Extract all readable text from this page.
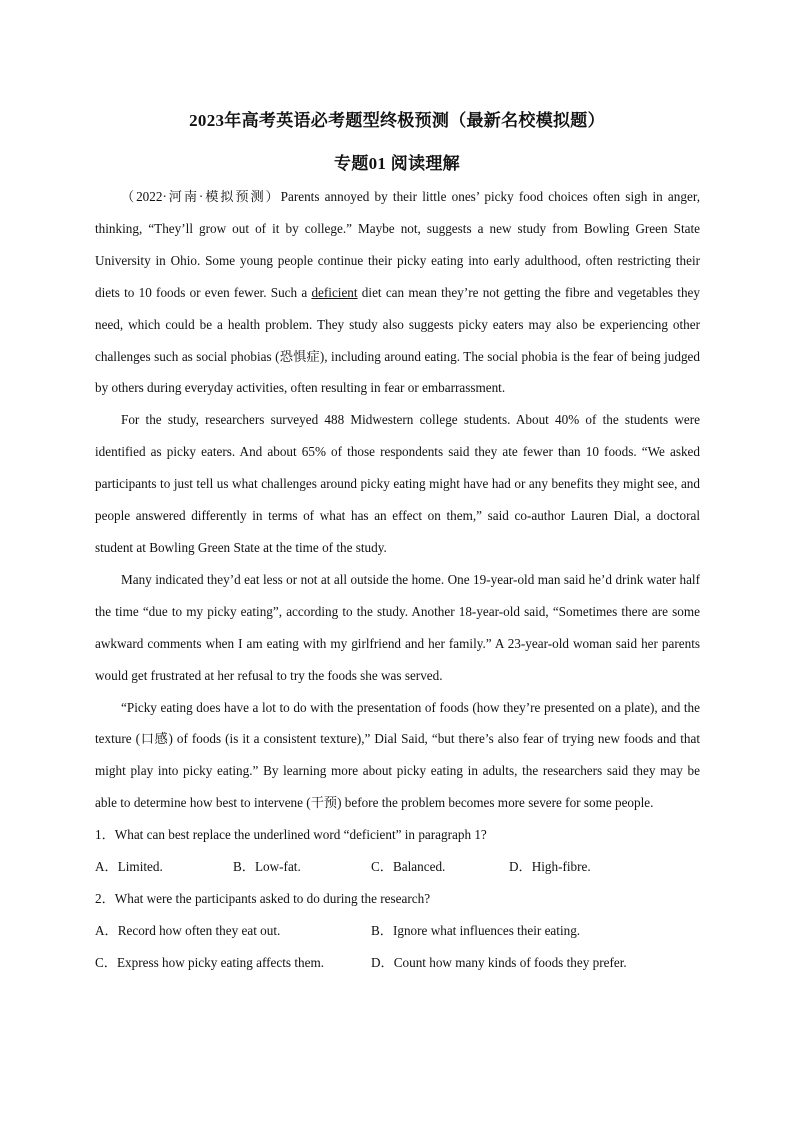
2023年高考英语必考题型终极预测（最新名校模拟题）
专题01 阅读理解

（2022·河南·模拟预测）Parents annoyed by their little ones’ picky food choices often sigh in anger, thinking, “They’ll grow out of it by college.” Maybe not, suggests a new study from Bowling Green State University in Ohio. Some young people continue their picky eating into early adulthood, often restricting their diets to 10 foods or even fewer. Such a deficient diet can mean they’re not getting the fibre and vegetables they need, which could be a health problem. They study also suggests picky eaters may also be experiencing other challenges such as social phobias (恐惧症), including around eating. The social phobia is the fear of being judged by others during everyday activities, often resulting in fear or embarrassment.

For the study, researchers surveyed 488 Midwestern college students. About 40% of the students were identified as picky eaters. And about 65% of those respondents said they ate fewer than 10 foods. “We asked participants to just tell us what challenges around picky eating might have had or any benefits they might see, and people answered differently in terms of what has an effect on them,” said co-author Lauren Dial, a doctoral student at Bowling Green State at the time of the study.

Many indicated they’d eat less or not at all outside the home. One 19-year-old man said he’d drink water half the time “due to my picky eating”, according to the study. Another 18-year-old said, “Sometimes there are some awkward comments when I am eating with my girlfriend and her family.” A 23-year-old woman said her parents would get frustrated at her refusal to try the foods she was served.

“Picky eating does have a lot to do with the presentation of foods (how they’re presented on a plate), and the texture (口感) of foods (is it a consistent texture),” Dial Said, “but there’s also fear of trying new foods and that might play into picky eating.” By learning more about picky eating in adults, the researchers said they may be able to determine how best to intervene (干预) before the problem becomes more severe for some people.

1．What can best replace the underlined word “deficient” in paragraph 1?
A．Limited.	B．Low-fat.	C．Balanced.	D．High-fibre.
2．What were the participants asked to do during the research?
A．Record how often they eat out.	B．Ignore what influences their eating.
C．Express how picky eating affects them.	D．Count how many kinds of foods they prefer.
